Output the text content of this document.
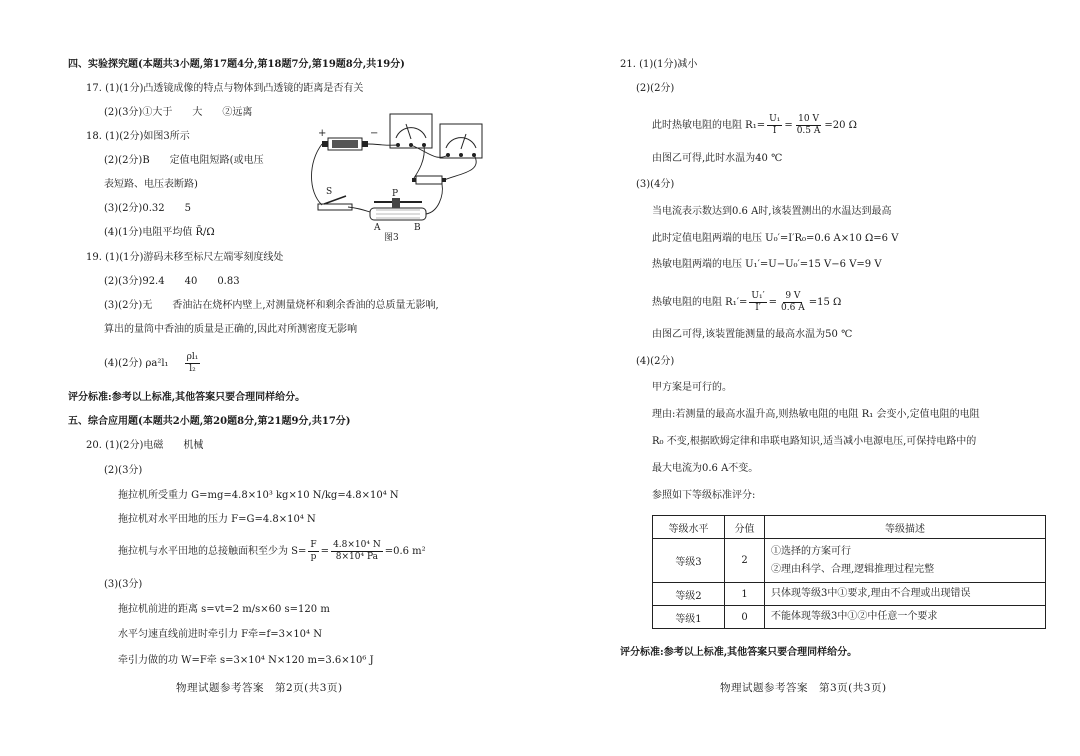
四、实验探究题(本题共3小题,第17题4分,第18题7分,第19题8分,共19分)
17. (1)(1分)凸透镜成像的特点与物体到凸透镜的距离是否有关
(2)(3分)①大于　　大　　②远离
18. (1)(2分)如图3所示
(2)(2分)B　　定值电阻短路(或电压
表短路、电压表断路)
(3)(2分)0.32　　5
(4)(1分)电阻平均值 R̄/Ω
19. (1)(1分)游码未移至标尺左端零刻度线处
(2)(3分)92.4　　40　　0.83
(3)(2分)无　　香油沾在烧杯内壁上,对测量烧杯和剩余香油的总质量无影响,
算出的量筒中香油的质量是正确的,因此对所测密度无影响
(4)(2分) $\rho a^2l_1 \frac{\text{ρl₁}}{\text{l₂}}$
评分标准:参考以上标准,其他答案只要合理同样给分。
五、综合应用题(本题共2小题,第20题8分,第21题9分,共17分)
20. (1)(2分)电磁　　机械
(2)(3分)
拖拉机所受重力 G=mg=4.8×10³ kg×10 N/kg=4.8×10⁴ N
拖拉机对水平田地的压力 F=G=4.8×10⁴ N
拖拉机与水平田地的总接触面积至少为 $S= \frac{F}{p} = \frac{\text{4.8×10⁴ N}}{\text{8×10⁴ Pa}} =0.6$ m²
(3)(3分)
拖拉机前进的距离 s=vt=2 m/s×60 s=120 m
水平匀速直线前进时牵引力 F牵=f=3×10⁴ N
牵引力做的功 W=F牵 s=3×10⁴ N×120 m=3.6×10⁶ J
+	−
S	P
A	B
图3
物理试题参考答案　第2页(共3页)
21. (1)(1分)减小
(2)(2分)
此时热敏电阻的电阻 $R_1= \frac{\text{U₁}}{I} = \frac{10 V}{0.5 A} =20$ Ω
由图乙可得,此时水温为40 ℃
(3)(4分)
当电流表示数达到0.6 A时,该装置测出的水温达到最高
此时定值电阻两端的电压 U₀′=I′R₀=0.6 A×10 Ω=6 V
热敏电阻两端的电压 U₁′=U−U₀′=15 V−6 V=9 V
热敏电阻的电阻 $R_1'= \frac{\text{U₁′}}{I'} = \frac{9 V}{0.6 A} =15$ Ω
由图乙可得,该装置能测量的最高水温为50 ℃
(4)(2分)
甲方案是可行的。
理由:若测量的最高水温升高,则热敏电阻的电阻 R₁ 会变小,定值电阻的电阻
R₀ 不变,根据欧姆定律和串联电路知识,适当减小电源电压,可保持电路中的
最大电流为0.6 A不变。
参照如下等级标准评分:
等级水平	分值	等级描述
等级3	2	①选择的方案可行
②理由科学、合理,逻辑推理过程完整

等级2	1	只体现等级3中①要求,理由不合理或出现错误
等级1	0	不能体现等级3中①②中任意一个要求
评分标准:参考以上标准,其他答案只要合理同样给分。
物理试题参考答案　第3页(共3页)
